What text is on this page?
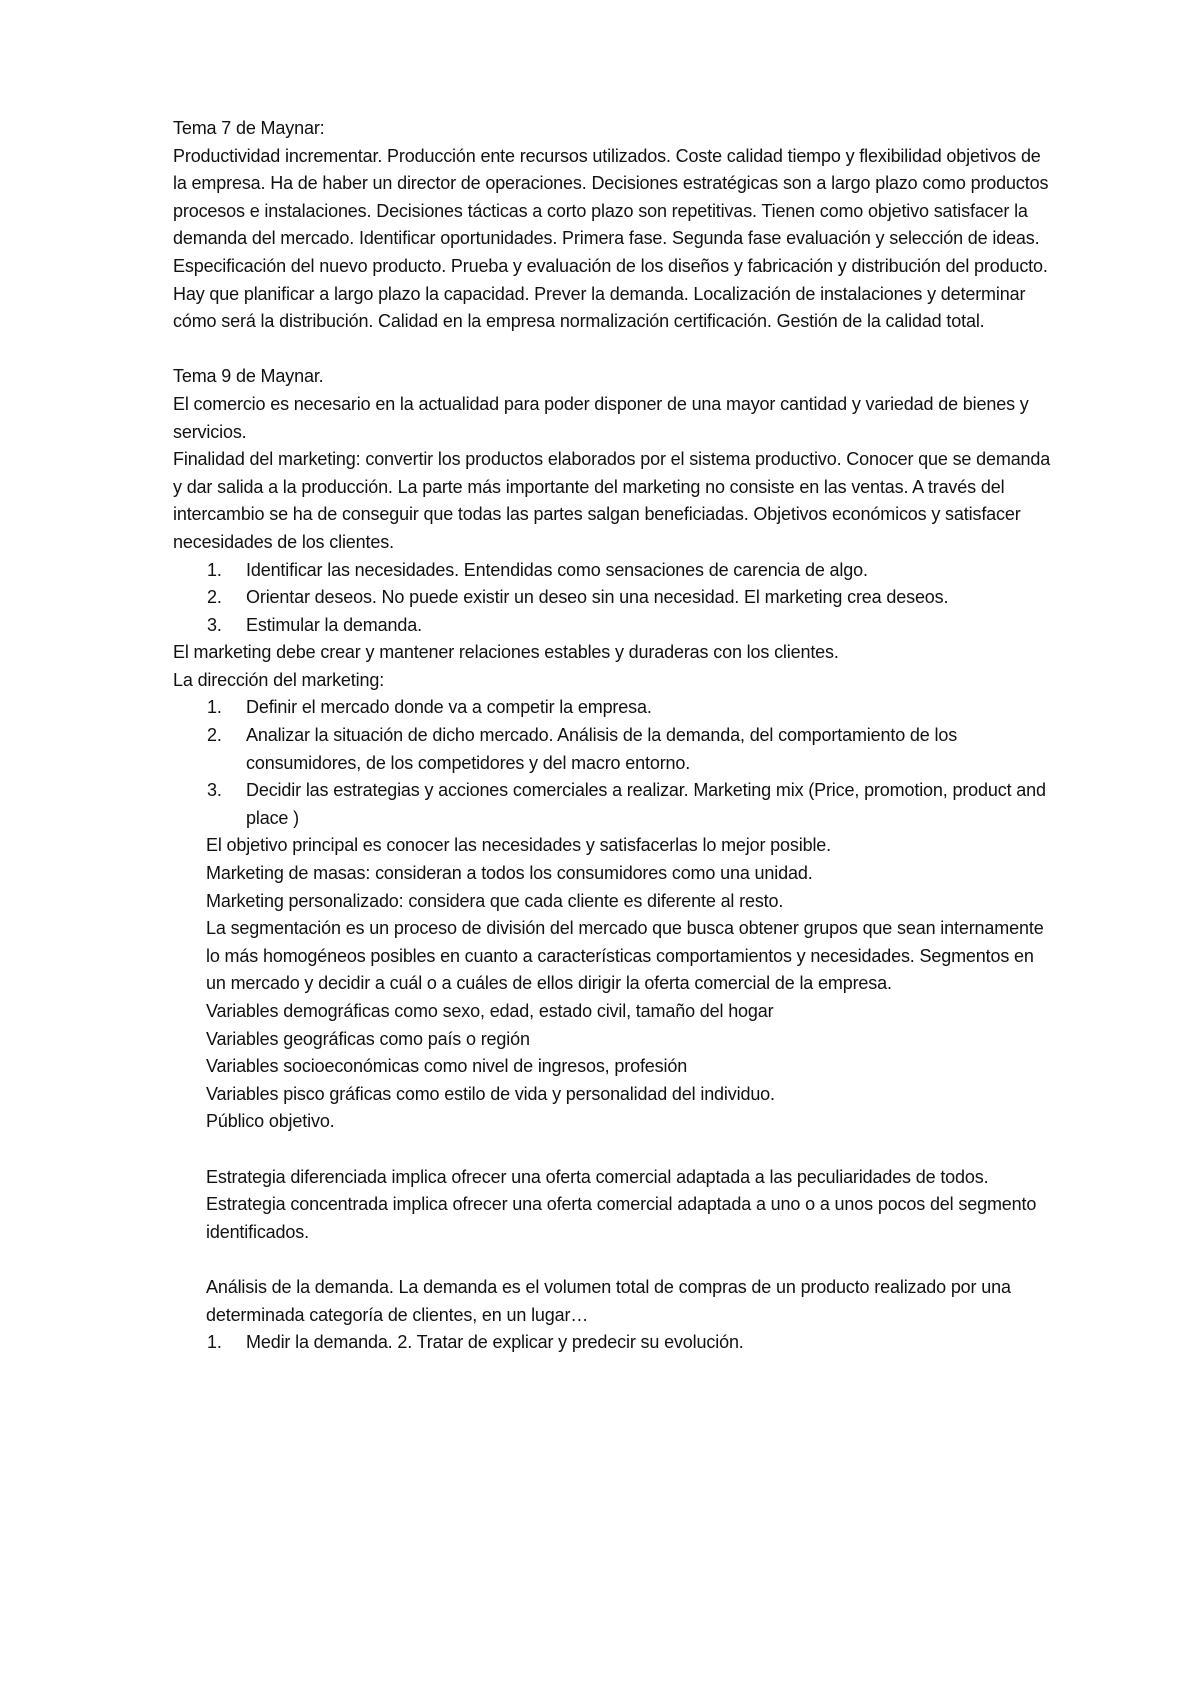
Tema 7 de Maynar:

Productividad incrementar. Producción ente recursos utilizados. Coste calidad tiempo y flexibilidad objetivos de la empresa. Ha de haber un director de operaciones. Decisiones estratégicas son a largo plazo como productos procesos e instalaciones. Decisiones tácticas a corto plazo son repetitivas. Tienen como objetivo satisfacer la demanda del mercado. Identificar oportunidades. Primera fase. Segunda fase evaluación y selección de ideas. Especificación del nuevo producto. Prueba y evaluación de los diseños y fabricación y distribución del producto.

Hay que planificar a largo plazo la capacidad. Prever la demanda. Localización de instalaciones y determinar cómo será la distribución. Calidad en la empresa normalización certificación. Gestión de la calidad total.

Tema 9 de Maynar.

El comercio es necesario en la actualidad para poder disponer de una mayor cantidad y variedad de bienes y servicios.

Finalidad del marketing: convertir los productos elaborados por el sistema productivo. Conocer que se demanda y dar salida a la producción. La parte más importante del marketing no consiste en las ventas. A través del intercambio se ha de conseguir que todas las partes salgan beneficiadas. Objetivos económicos y satisfacer necesidades de los clientes.

1. Identificar las necesidades. Entendidas como sensaciones de carencia de algo.
2. Orientar deseos. No puede existir un deseo sin una necesidad. El marketing crea deseos.
3. Estimular la demanda.

El marketing debe crear y mantener relaciones estables y duraderas con los clientes.

La dirección del marketing:

1. Definir el mercado donde va a competir la empresa.
2. Analizar la situación de dicho mercado. Análisis de la demanda, del comportamiento de los consumidores, de los competidores y del macro entorno.
3. Decidir las estrategias y acciones comerciales a realizar. Marketing mix (Price, promotion, product and place )

El objetivo principal es conocer las necesidades y satisfacerlas lo mejor posible.

Marketing de masas: consideran a todos los consumidores como una unidad.

Marketing personalizado: considera que cada cliente es diferente al resto.

La segmentación es un proceso de división del mercado que busca obtener grupos que sean internamente lo más homogéneos posibles en cuanto a características comportamientos y necesidades. Segmentos en un mercado y decidir a cuál o a cuáles de ellos dirigir la oferta comercial de la empresa.

Variables demográficas como sexo, edad, estado civil, tamaño del hogar

Variables geográficas como país o región

Variables socioeconómicas como nivel de ingresos, profesión

Variables pisco gráficas como estilo de vida y personalidad del individuo.

Público objetivo.

Estrategia diferenciada implica ofrecer una oferta comercial adaptada a las peculiaridades de todos.

Estrategia concentrada implica ofrecer una oferta comercial adaptada a uno o a unos pocos del segmento identificados.

Análisis de la demanda. La demanda es el volumen total de compras de un producto realizado por una determinada categoría de clientes, en un lugar…

1. Medir la demanda. 2. Tratar de explicar y predecir su evolución.
